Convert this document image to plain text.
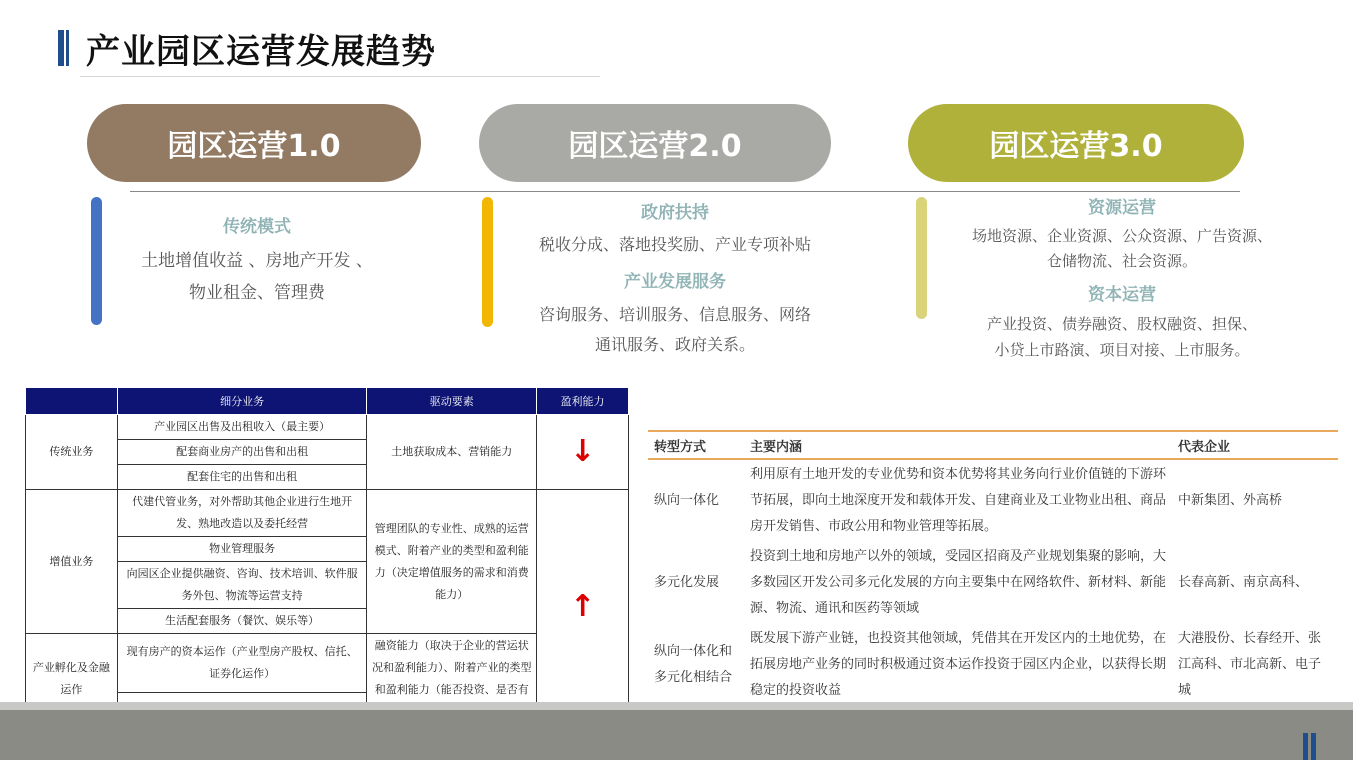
产业园区运营发展趋势
园区运营1.0	园区运营2.0	园区运营3.0
传统模式
土地增值收益 、房地产开发 、
物业租金、管理费
政府扶持
税收分成、落地投奖励、产业专项补贴
产业发展服务
咨询服务、培训服务、信息服务、网络
通讯服务、政府关系。
资源运营
场地资源、企业资源、公众资源、广告资源、
仓储物流、社会资源。
资本运营
产业投资、债券融资、股权融资、担保、
小贷上市路演、项目对接、上市服务。
	细分业务	驱动要素	盈利能力
传统业务	产业园区出售及出租收入（最主要）	土地获取成本、营销能力	↓
	配套商业房产的出售和出租		
	配套住宅的出售和出租		
增值业务	代建代管业务，对外帮助其他企业进行生地开发、熟地改造以及委托经营	管理团队的专业性、成熟的运营模式、附着产业的类型和盈利能力（决定增值服务的需求和消费能力）	↑
	物业管理服务		
	向园区企业提供融资、咨询、技术培训、软件服务外包、物流等运营支持		
	生活配套服务（餐饮、娱乐等）		
产业孵化及金融运作	现有房产的资本运作（产业型房产股权、信托、证券化运作）	融资能力（取决于企业的营运状况和盈利能力）、附着产业的类型和盈利能力（能否投资、是否有	

转型方式	主要内涵	代表企业
纵向一体化	利用原有土地开发的专业优势和资本优势将其业务向行业价值链的下游环节拓展，即向土地深度开发和载体开发、自建商业及工业物业出租、商品房开发销售、市政公用和物业管理等拓展。	中新集团、外高桥
多元化发展	投资到土地和房地产以外的领域，受园区招商及产业规划集聚的影响，大多数园区开发公司多元化发展的方向主要集中在网络软件、新材料、新能源、物流、通讯和医药等领域	长春高新、南京高科、
纵向一体化和多元化相结合	既发展下游产业链，也投资其他领域，凭借其在开发区内的土地优势，在拓展房地产业务的同时积极通过资本运作投资于园区内企业，以获得长期稳定的投资收益	大港股份、长春经开、张江高科、市北高新、电子城
